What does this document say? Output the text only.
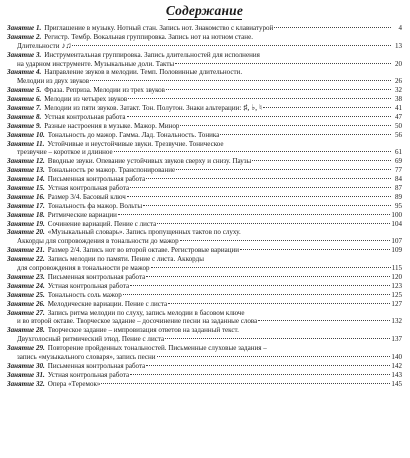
Содержание
Занятие 1. Приглашение в музыку. Нотный стан. Запись нот. Знакомство с клавиатурой	4
Занятие 2. Регистр. Тембр. Вокальная группировка. Запись нот на нотном стане.
Длительности ♪♫	13
Занятие 3. Инструментальная группировка. Запись длительностей для исполнения
на ударном инструменте. Музыкальные доли. Такты	20
Занятие 4. Направление звуков в мелодии. Темп. Половинные длительности.
Мелодии из двух звуков	26
Занятие 5. Фраза. Реприза. Мелодии из трех звуков	32
Занятие 6. Мелодии из четырех звуков	38
Занятие 7. Мелодии из пяти звуков. Затакт. Тон. Полутон. Знаки альтерации: ♯, ♭, ♮	41
Занятие 8. Устная контрольная работа	47
Занятие 9. Разные настроения в музыке. Мажор. Минор	50
Занятие 10. Тональность до мажор. Гамма. Лад. Тональность. Тоника	56
Занятие 11. Устойчивые и неустойчивые звуки. Трезвучие. Тоническое
трезвучие – короткое и длинное	61
Занятие 12. Вводные звуки. Опевание устойчивых звуков сверху и снизу. Паузы	69
Занятие 13. Тональность ре мажор. Транспонирование	77
Занятие 14. Письменная контрольная работа	84
Занятие 15. Устная контрольная работа	87
Занятие 16. Размер 3/4. Басовый ключ	89
Занятие 17. Тональность фа мажор. Вольты	95
Занятие 18. Ритмические вариации	100
Занятие 19. Сочинение вариаций. Пение с листа	104
Занятие 20. «Музыкальный словарь». Запись пропущенных тактов по слуху.
Аккорды для сопровождения в тональности до мажор	107
Занятие 21. Размер 2/4. Запись нот во второй октаве. Регистровые вариации	109
Занятие 22. Запись мелодии по памяти. Пение с листа. Аккорды
для сопровождения в тональности ре мажор	115
Занятие 23. Письменная контрольная работа	120
Занятие 24. Устная контрольная работа	123
Занятие 25. Тональность соль мажор	125
Занятие 26. Мелодические вариации. Пение с листа	127
Занятие 27. Запись ритма мелодии по слуху, запись мелодии в басовом ключе
и во второй октаве. Творческое задание – досочинение песни на заданные слова	132
Занятие 28. Творческое задание – импровизация ответов на заданный текст.
Двухголосный ритмический этюд. Пение с листа	137
Занятие 29. Повторение пройденных тональностей. Письменные слуховые задания –
запись «музыкального словаря», запись песни	140
Занятие 30. Письменная контрольная работа	142
Занятие 31. Устная контрольная работа	143
Занятие 32. Опера «Теремок»	145
